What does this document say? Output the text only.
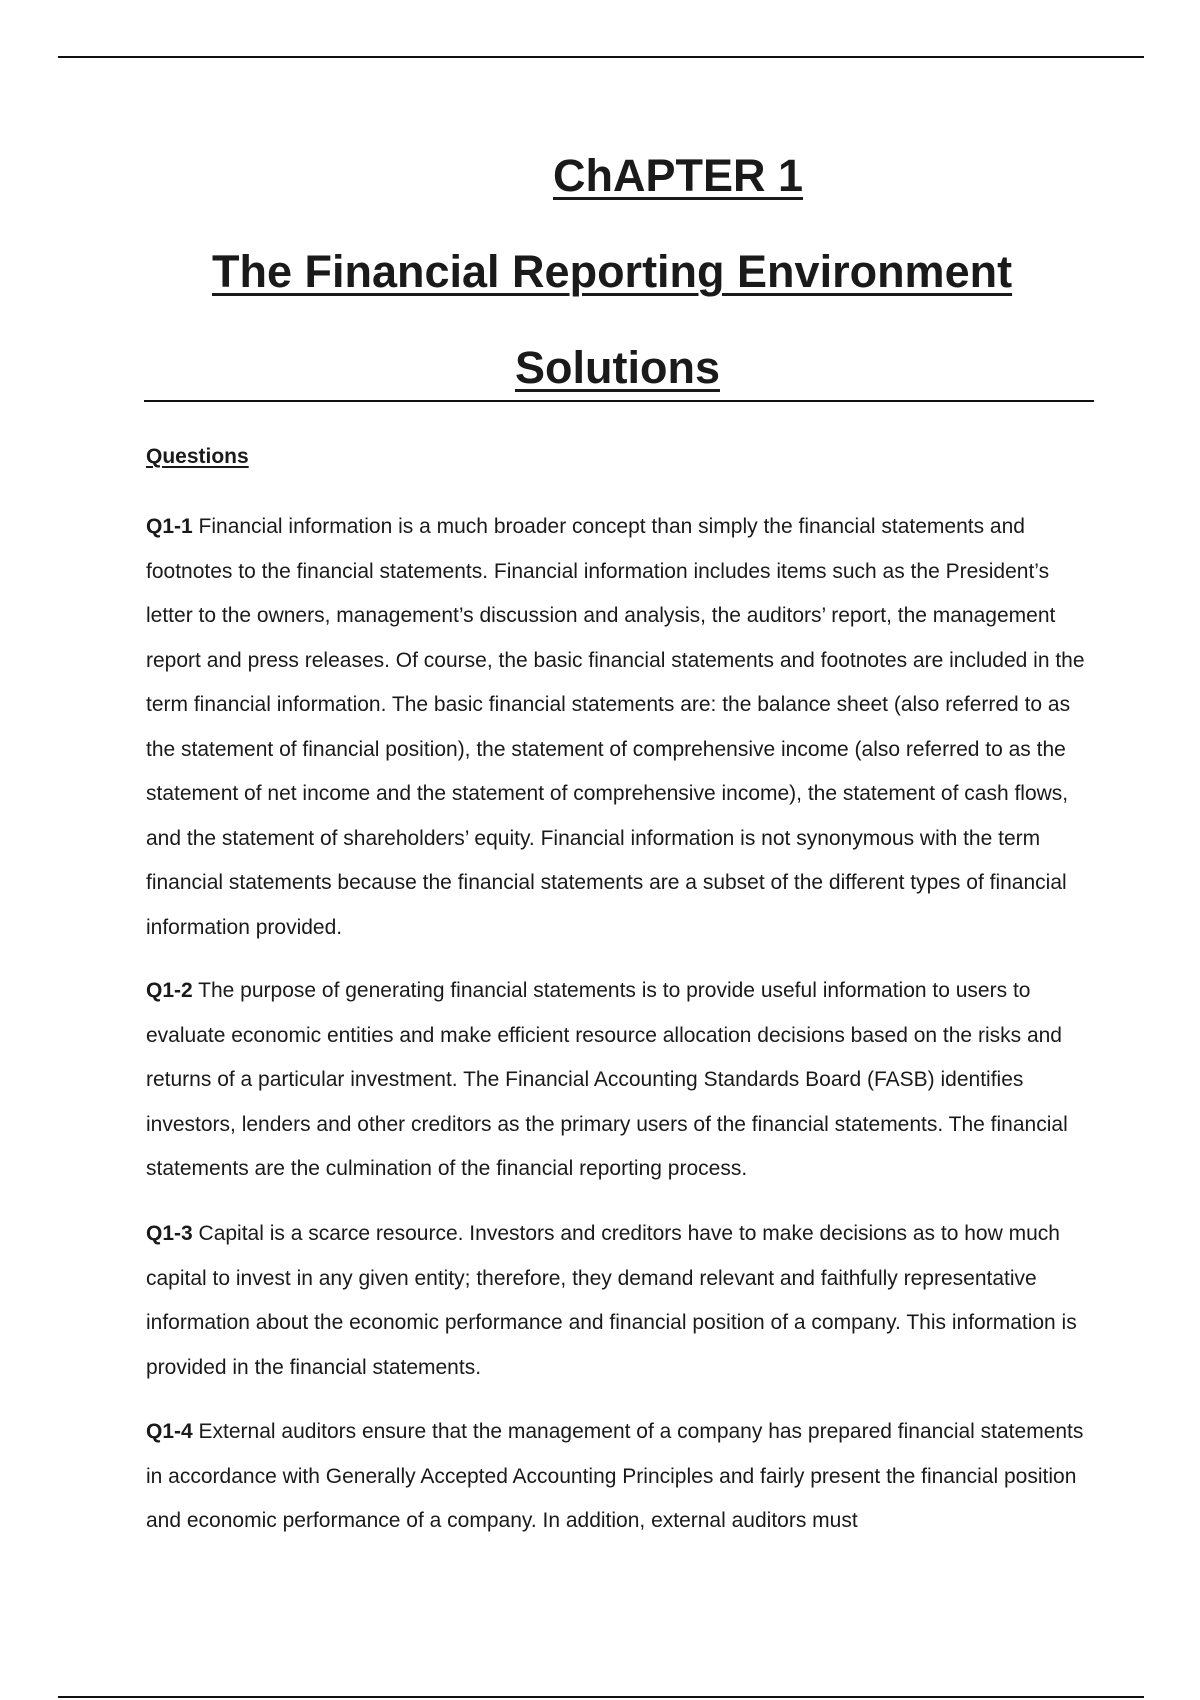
ChAPTER 1
The Financial Reporting Environment
Solutions
Questions

Q1-1 Financial information is a much broader concept than simply the financial statements and footnotes to the financial statements. Financial information includes items such as the President’s letter to the owners, management’s discussion and analysis, the auditors’ report, the management report and press releases. Of course, the basic financial statements and footnotes are included in the term financial information. The basic financial statements are: the balance sheet (also referred to as the statement of financial position), the statement of comprehensive income (also referred to as the statement of net income and the statement of comprehensive income), the statement of cash flows, and the statement of shareholders’ equity. Financial information is not synonymous with the term financial statements because the financial statements are a subset of the different types of financial information provided.

Q1-2 The purpose of generating financial statements is to provide useful information to users to evaluate economic entities and make efficient resource allocation decisions based on the risks and returns of a particular investment. The Financial Accounting Standards Board (FASB) identifies investors, lenders and other creditors as the primary users of the financial statements. The financial statements are the culmination of the financial reporting process.

Q1-3 Capital is a scarce resource. Investors and creditors have to make decisions as to how much capital to invest in any given entity; therefore, they demand relevant and faithfully representative information about the economic performance and financial position of a company. This information is provided in the financial statements.

Q1-4 External auditors ensure that the management of a company has prepared financial statements in accordance with Generally Accepted Accounting Principles and fairly present the financial position and economic performance of a company. In addition, external auditors must
